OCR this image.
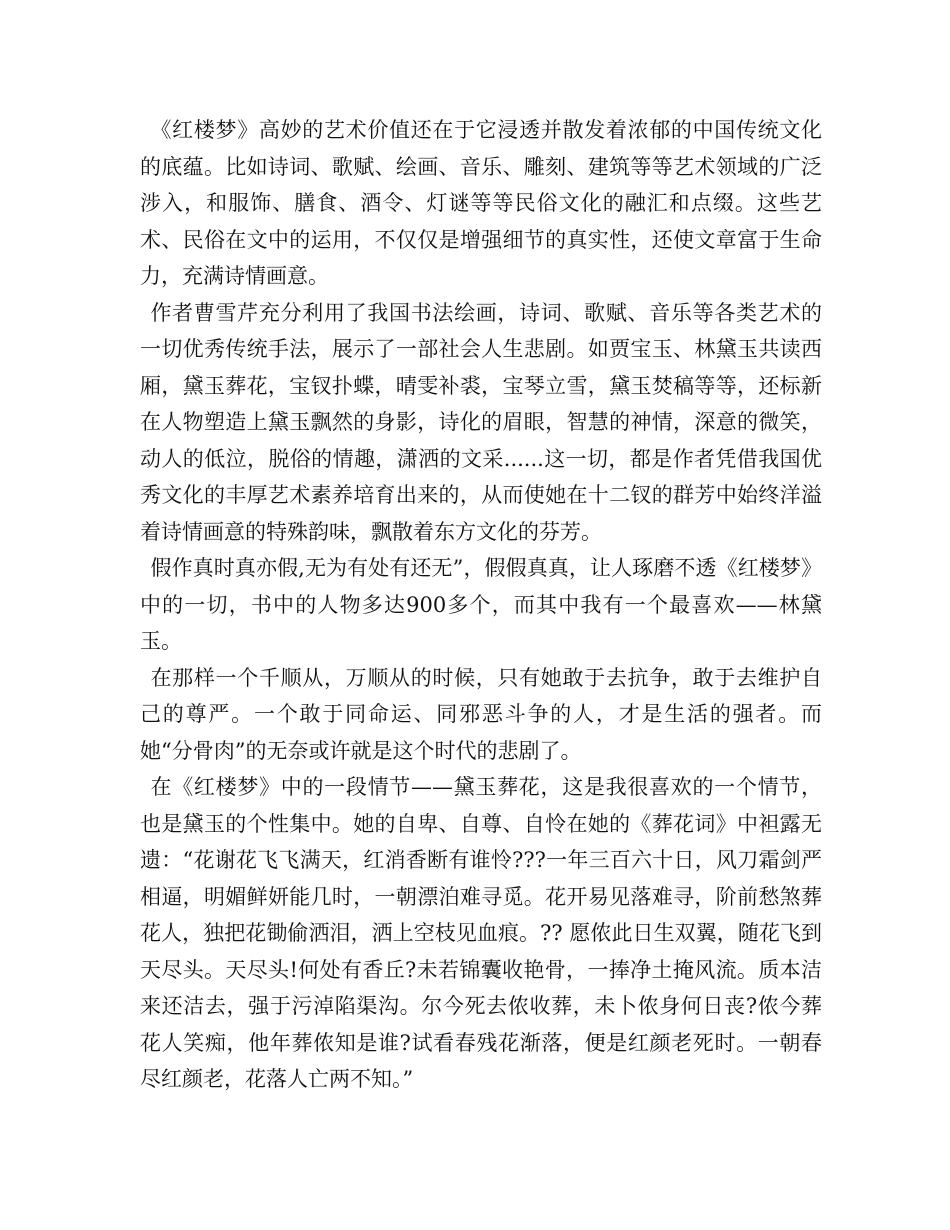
《红楼梦》高妙的艺术价值还在于它浸透并散发着浓郁的中国传统文化的底蕴。比如诗词、歌赋、绘画、音乐、雕刻、建筑等等艺术领域的广泛涉入，和服饰、膳食、酒令、灯谜等等民俗文化的融汇和点缀。这些艺术、民俗在文中的运用，不仅仅是增强细节的真实性，还使文章富于生命力，充满诗情画意。

作者曹雪芹充分利用了我国书法绘画，诗词、歌赋、音乐等各类艺术的一切优秀传统手法，展示了一部社会人生悲剧。如贾宝玉、林黛玉共读西厢，黛玉葬花，宝钗扑蝶，晴雯补裘，宝琴立雪，黛玉焚稿等等，还标新在人物塑造上黛玉飘然的身影，诗化的眉眼，智慧的神情，深意的微笑，动人的低泣，脱俗的情趣，潇洒的文采......这一切，都是作者凭借我国优秀文化的丰厚艺术素养培育出来的，从而使她在十二钗的群芳中始终洋溢着诗情画意的特殊韵味，飘散着东方文化的芬芳。

假作真时真亦假,无为有处有还无”，假假真真，让人琢磨不透《红楼梦》中的一切，书中的人物多达900多个，而其中我有一个最喜欢——林黛玉。

在那样一个千顺从，万顺从的时候，只有她敢于去抗争，敢于去维护自己的尊严。一个敢于同命运、同邪恶斗争的人，才是生活的强者。而她“分骨肉”的无奈或许就是这个时代的悲剧了。

在《红楼梦》中的一段情节——黛玉葬花，这是我很喜欢的一个情节，也是黛玉的个性集中。她的自卑、自尊、自怜在她的《葬花词》中袒露无遗：“花谢花飞飞满天，红消香断有谁怜???一年三百六十日，风刀霜剑严相逼，明媚鲜妍能几时，一朝漂泊难寻觅。花开易见落难寻，阶前愁煞葬花人，独把花锄偷洒泪，洒上空枝见血痕。?? 愿侬此日生双翼，随花飞到天尽头。天尽头!何处有香丘?未若锦囊收艳骨，一捧净土掩风流。质本洁来还洁去，强于污淖陷渠沟。尔今死去侬收葬，未卜侬身何日丧?侬今葬花人笑痴，他年葬侬知是谁?试看春残花渐落，便是红颜老死时。一朝春尽红颜老，花落人亡两不知。”
